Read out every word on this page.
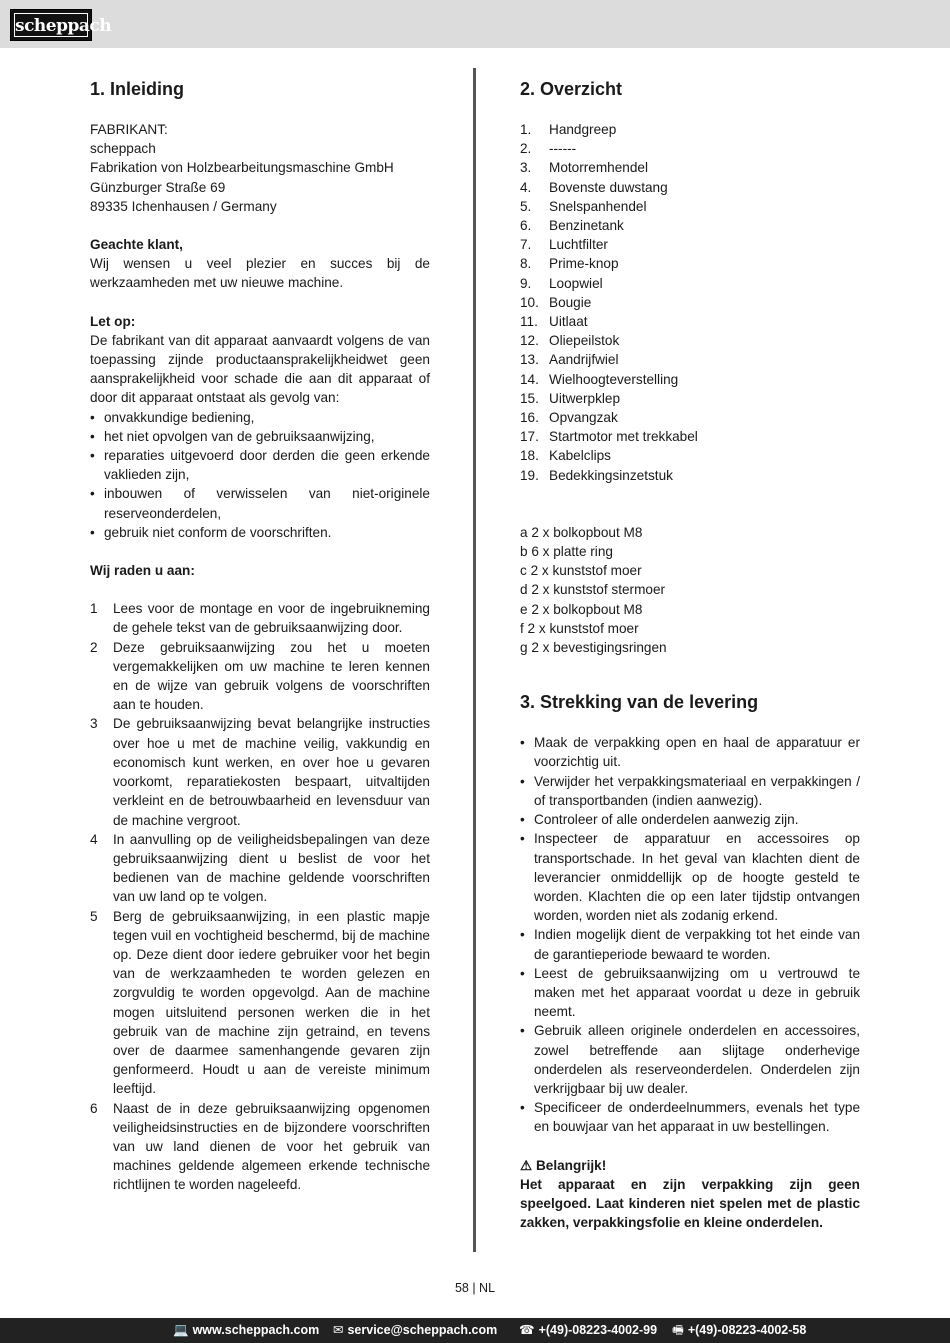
scheppach
1. Inleiding
FABRIKANT:
scheppach
Fabrikation von Holzbearbeitungsmaschine GmbH
Günzburger Straße 69
89335 Ichenhausen / Germany
Geachte klant,
Wij wensen u veel plezier en succes bij de werkzaamheden met uw nieuwe machine.
Let op:
De fabrikant van dit apparaat aanvaardt volgens de van toepassing zijnde productaansprakelijkheidwet geen aansprakelijkheid voor schade die aan dit apparaat of door dit apparaat ontstaat als gevolg van:
• onvakkundige bediening,
• het niet opvolgen van de gebruiksaanwijzing,
• reparaties uitgevoerd door derden die geen erkende vaklieden zijn,
• inbouwen of verwisselen van niet-originele reserveonderdelen,
• gebruik niet conform de voorschriften.
Wij raden u aan:
1 Lees voor de montage en voor de ingebruikneming de gehele tekst van de gebruiksaanwijzing door.
2 Deze gebruiksaanwijzing zou het u moeten vergemakkelijken om uw machine te leren kennen en de wijze van gebruik volgens de voorschriften aan te houden.
3 De gebruiksaanwijzing bevat belangrijke instructies over hoe u met de machine veilig, vakkundig en economisch kunt werken, en over hoe u gevaren voorkomt, reparatiekosten bespaart, uitvaltijden verkleint en de betrouwbaarheid en levensduur van de machine vergroot.
4 In aanvulling op de veiligheidsbepalingen van deze gebruiksaanwijzing dient u beslist de voor het bedienen van de machine geldende voorschriften van uw land op te volgen.
5 Berg de gebruiksaanwijzing, in een plastic mapje tegen vuil en vochtigheid beschermd, bij de machine op. Deze dient door iedere gebruiker voor het begin van de werkzaamheden te worden gelezen en zorgvuldig te worden opgevolgd. Aan de machine mogen uitsluitend personen werken die in het gebruik van de machine zijn getraind, en tevens over de daarmee samenhangende gevaren zijn genformeerd. Houdt u aan de vereiste minimum leeftijd.
6 Naast de in deze gebruiksaanwijzing opgenomen veiligheidsinstructies en de bijzondere voorschriften van uw land dienen de voor het gebruik van machines geldende algemeen erkende technische richtlijnen te worden nageleefd.
2. Overzicht
1. Handgreep
2. ------
3. Motorremhendel
4. Bovenste duwstang
5. Snelspanhendel
6. Benzinetank
7. Luchtfilter
8. Prime-knop
9. Loopwiel
10. Bougie
11. Uitlaat
12. Oliepeilstok
13. Aandrijfwiel
14. Wielhoogteverstelling
15. Uitwerpklep
16. Opvangzak
17. Startmotor met trekkabel
18. Kabelclips
19. Bedekkingsinzetstuk
a 2 x bolkopbout M8
b 6 x platte ring
c 2 x kunststof moer
d 2 x kunststof stermoer
e 2 x bolkopbout M8
f 2 x kunststof moer
g 2 x bevestigingsringen
3. Strekking van de levering
• Maak de verpakking open en haal de apparatuur er voorzichtig uit.
• Verwijder het verpakkingsmateriaal en verpakkingen / of transportbanden (indien aanwezig).
• Controleer of alle onderdelen aanwezig zijn.
• Inspecteer de apparatuur en accessoires op transportschade. In het geval van klachten dient de leverancier onmiddellijk op de hoogte gesteld te worden. Klachten die op een later tijdstip ontvangen worden, worden niet als zodanig erkend.
• Indien mogelijk dient de verpakking tot het einde van de garantieperiode bewaard te worden.
• Leest de gebruiksaanwijzing om u vertrouwd te maken met het apparaat voordat u deze in gebruik neemt.
• Gebruik alleen originele onderdelen en accessoires, zowel betreffende aan slijtage onderhevige onderdelen als reserveonderdelen. Onderdelen zijn verkrijgbaar bij uw dealer.
• Specificeer de onderdeelnummers, evenals het type en bouwjaar van het apparaat in uw bestellingen.
⚠ Belangrijk!
Het apparaat en zijn verpakking zijn geen speelgoed. Laat kinderen niet spelen met de plastic zakken, verpakkingsfolie en kleine onderdelen.
58 | NL
💻 www.scheppach.com ✉ service@scheppach.com ☎ +(49)-08223-4002-99 🖷 +(49)-08223-4002-58
